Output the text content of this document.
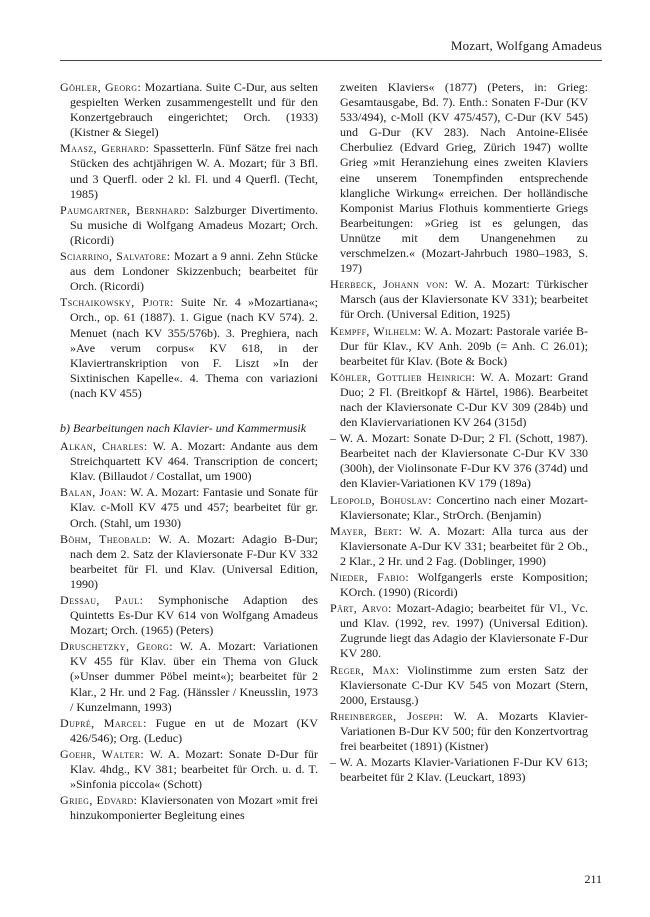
Mozart, Wolfgang Amadeus

Göhler, Georg: Mozartiana. Suite C-Dur, aus selten gespielten Werken zusammengestellt und für den Konzertgebrauch eingerichtet; Orch. (1933) (Kistner & Siegel)

Maasz, Gerhard: Spassetterln. Fünf Sätze frei nach Stücken des achtjährigen W. A. Mozart; für 3 Bfl. und 3 Querfl. oder 2 kl. Fl. und 4 Querfl. (Techt, 1985)

Paumgartner, Bernhard: Salzburger Divertimento. Su musiche di Wolfgang Amadeus Mozart; Orch. (Ricordi)

Sciarrino, Salvatore: Mozart a 9 anni. Zehn Stücke aus dem Londoner Skizzenbuch; bearbeitet für Orch. (Ricordi)

Tschaikowsky, Pjotr: Suite Nr. 4 »Mozartiana«; Orch., op. 61 (1887). 1. Gigue (nach KV 574). 2. Menuet (nach KV 355/576b). 3. Preghiera, nach »Ave verum corpus« KV 618, in der Klaviertranskription von F. Liszt »In der Sixtinischen Kapelle«. 4. Thema con variazioni (nach KV 455)

b) Bearbeitungen nach Klavier- und Kammermusik

Alkan, Charles: W. A. Mozart: Andante aus dem Streichquartett KV 464. Transcription de concert; Klav. (Billaudot / Costallat, um 1900)

Balan, Joan: W. A. Mozart: Fantasie und Sonate für Klav. c-Moll KV 475 und 457; bearbeitet für gr. Orch. (Stahl, um 1930)

Böhm, Theobald: W. A. Mozart: Adagio B-Dur; nach dem 2. Satz der Klaviersonate F-Dur KV 332 bearbeitet für Fl. und Klav. (Universal Edition, 1990)

Dessau, Paul: Symphonische Adaption des Quintetts Es-Dur KV 614 von Wolfgang Amadeus Mozart; Orch. (1965) (Peters)

Druschetzky, Georg: W. A. Mozart: Variationen KV 455 für Klav. über ein Thema von Gluck (»Unser dummer Pöbel meint«); bearbeitet für 2 Klar., 2 Hr. und 2 Fag. (Hänssler / Kneusslin, 1973 / Kunzelmann, 1993)

Dupré, Marcel: Fugue en ut de Mozart (KV 426/546); Org. (Leduc)

Goehr, Walter: W. A. Mozart: Sonate D-Dur für Klav. 4hdg., KV 381; bearbeitet für Orch. u. d. T. »Sinfonia piccola« (Schott)

Grieg, Edvard: Klaviersonaten von Mozart »mit frei hinzukomponierter Begleitung eines

zweiten Klaviers« (1877) (Peters, in: Grieg: Gesamtausgabe, Bd. 7). Enth.: Sonaten F-Dur (KV 533/494), c-Moll (KV 475/457), C-Dur (KV 545) und G-Dur (KV 283). Nach Antoine-Elisée Cherbuliez (Edvard Grieg, Zürich 1947) wollte Grieg »mit Heranziehung eines zweiten Klaviers eine unserem Tonempfinden entsprechende klangliche Wirkung« erreichen. Der holländische Komponist Marius Flothuis kommentierte Griegs Bearbeitungen: »Grieg ist es gelungen, das Unnütze mit dem Unangenehmen zu verschmelzen.« (Mozart-Jahrbuch 1980–1983, S. 197)

Herbeck, Johann von: W. A. Mozart: Türkischer Marsch (aus der Klaviersonate KV 331); bearbeitet für Orch. (Universal Edition, 1925)

Kempff, Wilhelm: W. A. Mozart: Pastorale variée B-Dur für Klav., KV Anh. 209b (= Anh. C 26.01); bearbeitet für Klav. (Bote & Bock)

Köhler, Gottlieb Heinrich: W. A. Mozart: Grand Duo; 2 Fl. (Breitkopf & Härtel, 1986). Bearbeitet nach der Klaviersonate C-Dur KV 309 (284b) und den Klaviervariationen KV 264 (315d)

– W. A. Mozart: Sonate D-Dur; 2 Fl. (Schott, 1987). Bearbeitet nach der Klaviersonate C-Dur KV 330 (300h), der Violinsonate F-Dur KV 376 (374d) und den Klavier-Variationen KV 179 (189a)

Leopold, Bohuslav: Concertino nach einer Mozart-Klaviersonate; Klar., StrOrch. (Benjamin)

Mayer, Bert: W. A. Mozart: Alla turca aus der Klaviersonate A-Dur KV 331; bearbeitet für 2 Ob., 2 Klar., 2 Hr. und 2 Fag. (Doblinger, 1990)

Nieder, Fabio: Wolfgangerls erste Komposition; KOrch. (1990) (Ricordi)

Pärt, Arvo: Mozart-Adagio; bearbeitet für Vl., Vc. und Klav. (1992, rev. 1997) (Universal Edition). Zugrunde liegt das Adagio der Klaviersonate F-Dur KV 280.

Reger, Max: Violinstimme zum ersten Satz der Klaviersonate C-Dur KV 545 von Mozart (Stern, 2000, Erstausg.)

Rheinberger, Joseph: W. A. Mozarts Klavier-Variationen B-Dur KV 500; für den Konzertvortrag frei bearbeitet (1891) (Kistner)

– W. A. Mozarts Klavier-Variationen F-Dur KV 613; bearbeitet für 2 Klav. (Leuckart, 1893)

211
